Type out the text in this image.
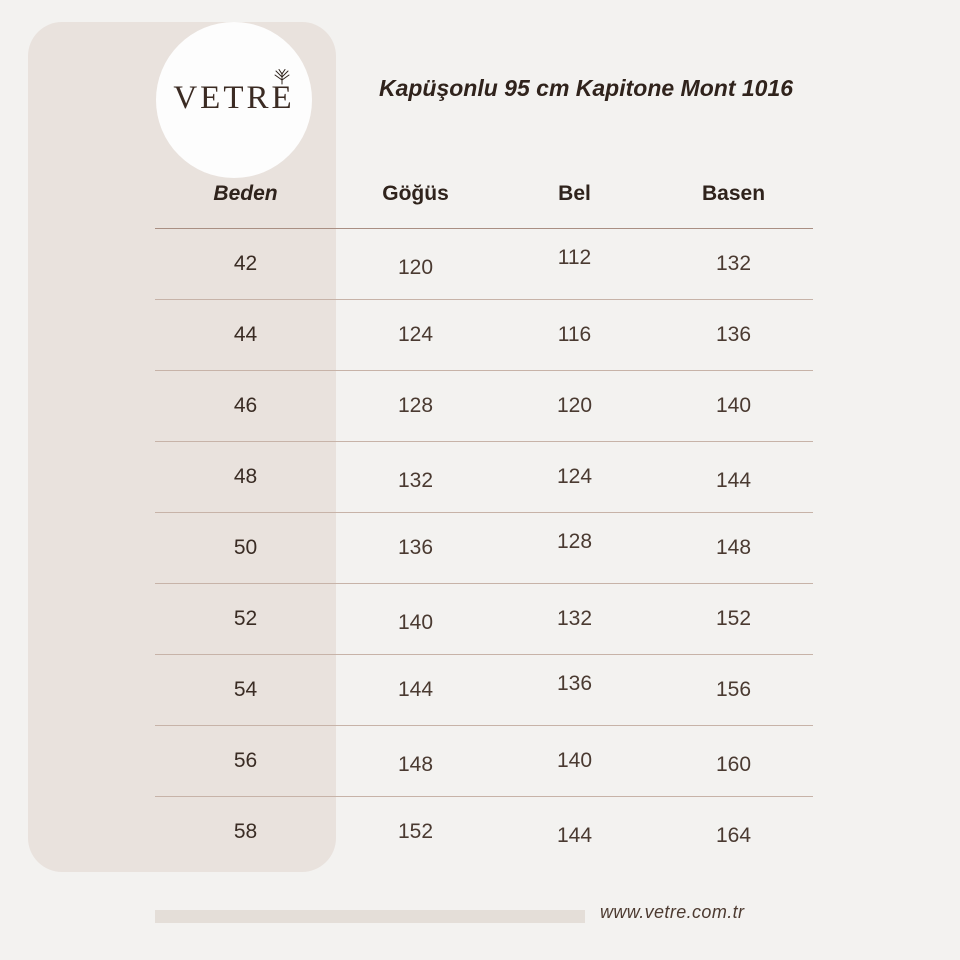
VETRE	Kapüşonlu 95 cm Kapitone Mont 1016
Beden	Göğüs	Bel	Basen
42	120	112	132
44	124	116	136
46	128	120	140
48	132	124	144
50	136	128	148
52	140	132	152
54	144	136	156
56	148	140	160
58	152	144	164
www.vetre.com.tr
